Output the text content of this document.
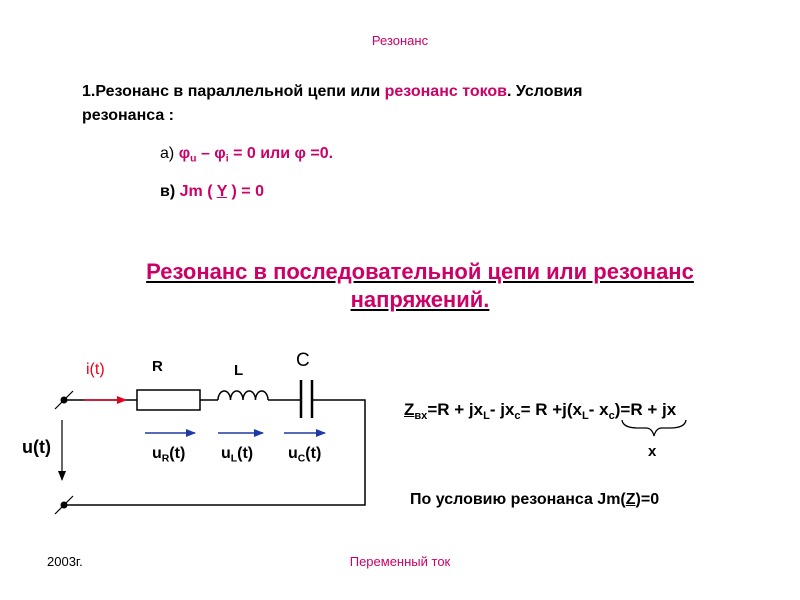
Резонанс
1.Резонанс в параллельной цепи или резонанс токов. Условия
резонанса :
а) $\varphi_u - \varphi_i = 0$ или φ =0.
в) Jm ( Y ) = 0
Резонанс в последовательной цепи или резонанс
напряжений.
i(t)	R	L	C
u(t)	$u_R(t)$ $u_L(t)$ $u_C(t)$
$Z_{вх}=R + jx_L-$ $jx_c= R +j(x_L-$ $x_c)=R$ + jx
x
По условию резонанса Jm(Z)=0
2003г.	Переменный ток
